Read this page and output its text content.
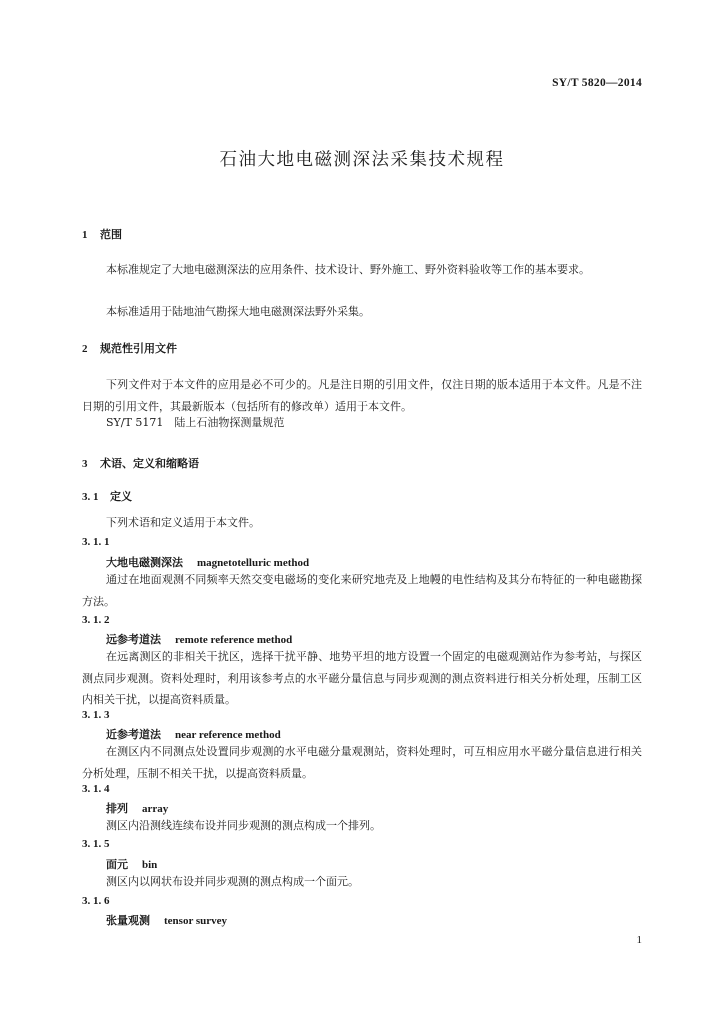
SY/T 5820—2014
石油大地电磁测深法采集技术规程
1 范围
本标准规定了大地电磁测深法的应用条件、技术设计、野外施工、野外资料验收等工作的基本要求。
本标准适用于陆地油气勘探大地电磁测深法野外采集。
2 规范性引用文件
下列文件对于本文件的应用是必不可少的。凡是注日期的引用文件，仅注日期的版本适用于本文件。凡是不注日期的引用文件，其最新版本（包括所有的修改单）适用于本文件。
SY/T 5171　陆上石油物探测量规范
3 术语、定义和缩略语
3. 1 定义
下列术语和定义适用于本文件。
3. 1. 1
大地电磁测深法 magnetotelluric method
通过在地面观测不同频率天然交变电磁场的变化来研究地壳及上地幔的电性结构及其分布特征的一种电磁勘探方法。
3. 1. 2
远参考道法 remote reference method
在远离测区的非相关干扰区，选择干扰平静、地势平坦的地方设置一个固定的电磁观测站作为参考站，与探区测点同步观测。资料处理时，利用该参考点的水平磁分量信息与同步观测的测点资料进行相关分析处理，压制工区内相关干扰，以提高资料质量。
3. 1. 3
近参考道法 near reference method
在测区内不同测点处设置同步观测的水平电磁分量观测站，资料处理时，可互相应用水平磁分量信息进行相关分析处理，压制不相关干扰，以提高资料质量。
3. 1. 4
排列 array
测区内沿测线连续布设并同步观测的测点构成一个排列。
3. 1. 5
面元 bin
测区内以网状布设并同步观测的测点构成一个面元。
3. 1. 6
张量观测 tensor survey
1
